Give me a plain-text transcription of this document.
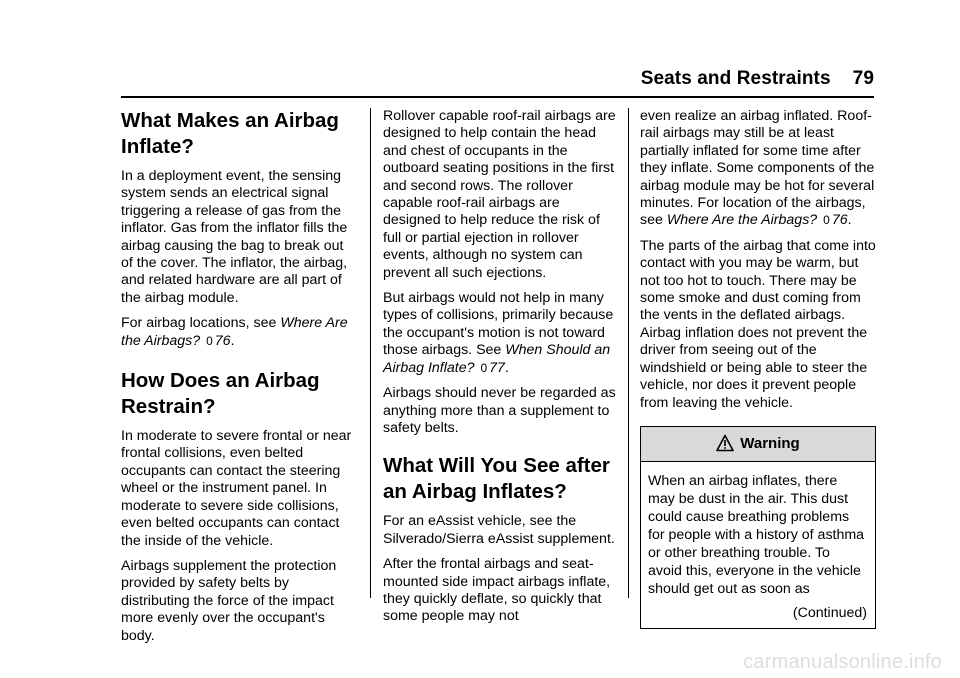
Seats and Restraints 79
What Makes an Airbag Inflate?

In a deployment event, the sensing system sends an electrical signal triggering a release of gas from the inflator. Gas from the inflator fills the airbag causing the bag to break out of the cover. The inflator, the airbag, and related hardware are all part of the airbag module.

For airbag locations, see Where Are the Airbags? 0 76.

How Does an Airbag Restrain?

In moderate to severe frontal or near frontal collisions, even belted occupants can contact the steering wheel or the instrument panel. In moderate to severe side collisions, even belted occupants can contact the inside of the vehicle.

Airbags supplement the protection provided by safety belts by distributing the force of the impact more evenly over the occupant's body.

Rollover capable roof-rail airbags are designed to help contain the head and chest of occupants in the outboard seating positions in the first and second rows. The rollover capable roof-rail airbags are designed to help reduce the risk of full or partial ejection in rollover events, although no system can prevent all such ejections.

But airbags would not help in many types of collisions, primarily because the occupant's motion is not toward those airbags. See When Should an Airbag Inflate? 0 77.

Airbags should never be regarded as anything more than a supplement to safety belts.

What Will You See after an Airbag Inflates?

For an eAssist vehicle, see the Silverado/Sierra eAssist supplement.

After the frontal airbags and seat-mounted side impact airbags inflate, they quickly deflate, so quickly that some people may not

even realize an airbag inflated. Roof-rail airbags may still be at least partially inflated for some time after they inflate. Some components of the airbag module may be hot for several minutes. For location of the airbags, see Where Are the Airbags? 0 76.

The parts of the airbag that come into contact with you may be warm, but not too hot to touch. There may be some smoke and dust coming from the vents in the deflated airbags. Airbag inflation does not prevent the driver from seeing out of the windshield or being able to steer the vehicle, nor does it prevent people from leaving the vehicle.

Warning
When an airbag inflates, there may be dust in the air. This dust could cause breathing problems for people with a history of asthma or other breathing trouble. To avoid this, everyone in the vehicle should get out as soon as
(Continued)
carmanualsonline.info
